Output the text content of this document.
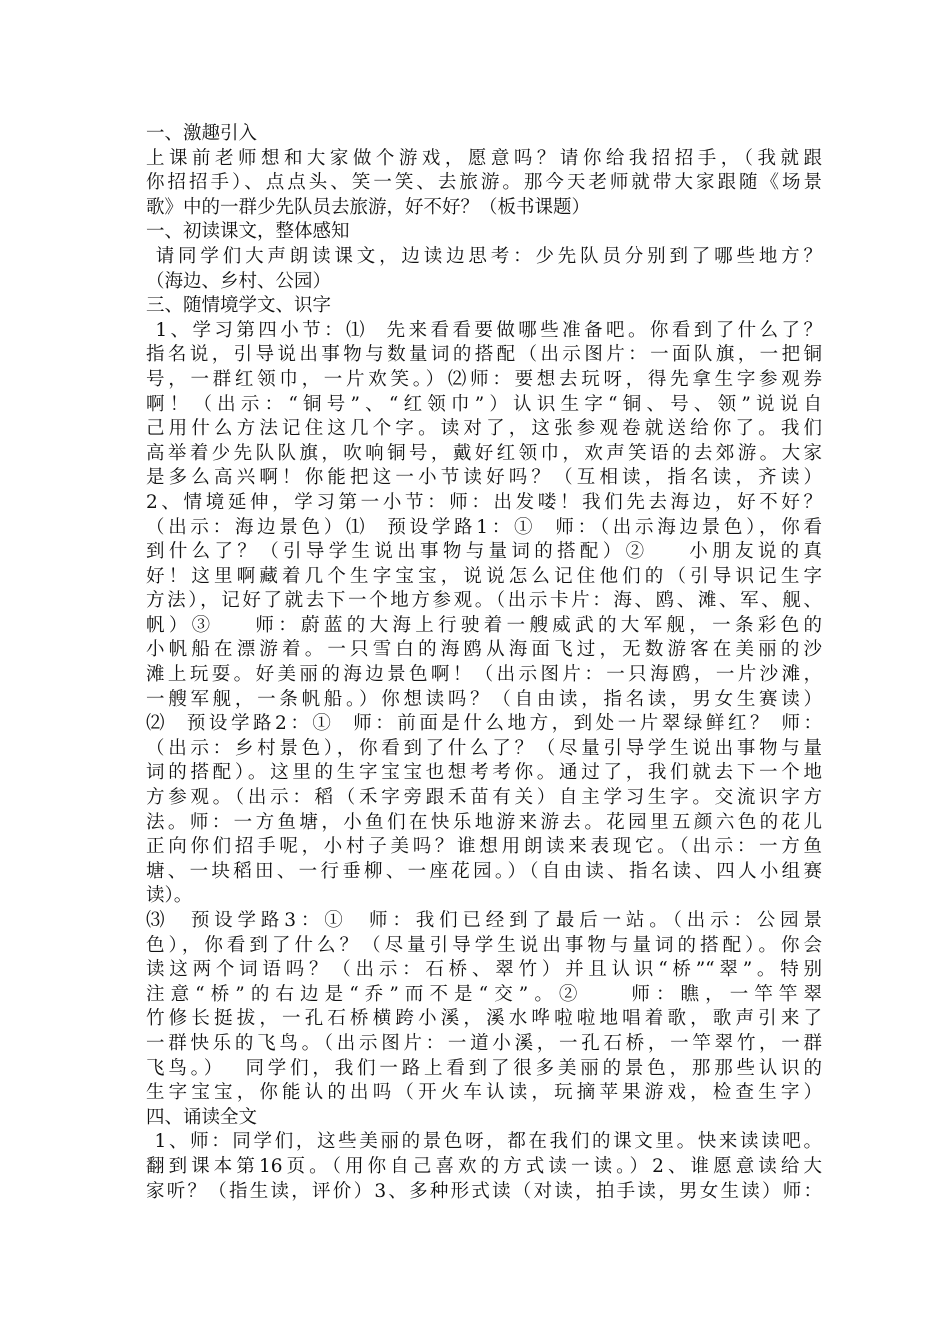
一、激趣引入
上课前老师想和大家做个游戏，愿意吗？请你给我招招手，（我就跟
你招招手）、点点头、笑一笑、去旅游。那今天老师就带大家跟随《场景
歌》中的一群少先队员去旅游，好不好？（板书课题）
一、初读课文，整体感知
请同学们大声朗读课文，边读边思考：少先队员分别到了哪些地方？
（海边、乡村、公园）
三、随情境学文、识字
1、学习第四小节：⑴  先来看看要做哪些准备吧。你看到了什么了？
指名说，引导说出事物与数量词的搭配（出示图片：一面队旗，一把铜
号，一群红领巾，一片欢笑。）⑵师：要想去玩呀，得先拿生字参观券
啊！（出示：“铜号”、“红领巾”）认识生字“铜、号、领”说说自
己用什么方法记住这几个字。读对了，这张参观卷就送给你了。我们
高举着少先队队旗，吹响铜号，戴好红领巾，欢声笑语的去郊游。大家
是多么高兴啊！你能把这一小节读好吗？（互相读，指名读，齐读）
2、情境延伸，学习第一小节：师：出发喽！我们先去海边，好不好？
（出示：海边景色）⑴  预设学路1：①  师：（出示海边景色），你看
到什么了？（引导学生说出事物与量词的搭配）②    小朋友说的真
好！这里啊藏着几个生字宝宝，说说怎么记住他们的（引导识记生字
方法），记好了就去下一个地方参观。（出示卡片：海、鸥、滩、军、舰、
帆）③    师：蔚蓝的大海上行驶着一艘威武的大军舰，一条彩色的
小帆船在漂游着。一只雪白的海鸥从海面飞过，无数游客在美丽的沙
滩上玩耍。好美丽的海边景色啊！（出示图片：一只海鸥，一片沙滩，
一艘军舰，一条帆船。）你想读吗？（自由读，指名读，男女生赛读）
⑵  预设学路2：①  师：前面是什么地方，到处一片翠绿鲜红？ 师：
（出示：乡村景色），你看到了什么了？（尽量引导学生说出事物与量
词的搭配）。这里的生字宝宝也想考考你。通过了，我们就去下一个地
方参观。（出示：稻（禾字旁跟禾苗有关）自主学习生字。交流识字方
法。师：一方鱼塘，小鱼们在快乐地游来游去。花园里五颜六色的花儿
正向你们招手呢，小村子美吗？谁想用朗读来表现它。（出示：一方鱼
塘、一块稻田、一行垂柳、一座花园。）（自由读、指名读、四人小组赛
读）。
⑶  预设学路3：①  师：我们已经到了最后一站。（出示：公园景
色），你看到了什么？（尽量引导学生说出事物与量词的搭配）。你会
读这两个词语吗？（出示：石桥、翠竹）并且认识“桥”“翠”。特别
注意“桥”的右边是“乔”而不是“交”。②    师：瞧，一竿竿翠
竹修长挺拔，一孔石桥横跨小溪，溪水哗啦啦地唱着歌，歌声引来了
一群快乐的飞鸟。（出示图片：一道小溪，一孔石桥，一竿翠竹，一群
飞鸟。）  同学们，我们一路上看到了很多美丽的景色，那那些认识的
生字宝宝，你能认的出吗（开火车认读，玩摘苹果游戏，检查生字）
四、诵读全文
1、师：同学们，这些美丽的景色呀，都在我们的课文里。快来读读吧。
翻到课本第16页。（用你自己喜欢的方式读一读。）2、谁愿意读给大
家听？（指生读，评价）3、多种形式读（对读，拍手读，男女生读）师：
